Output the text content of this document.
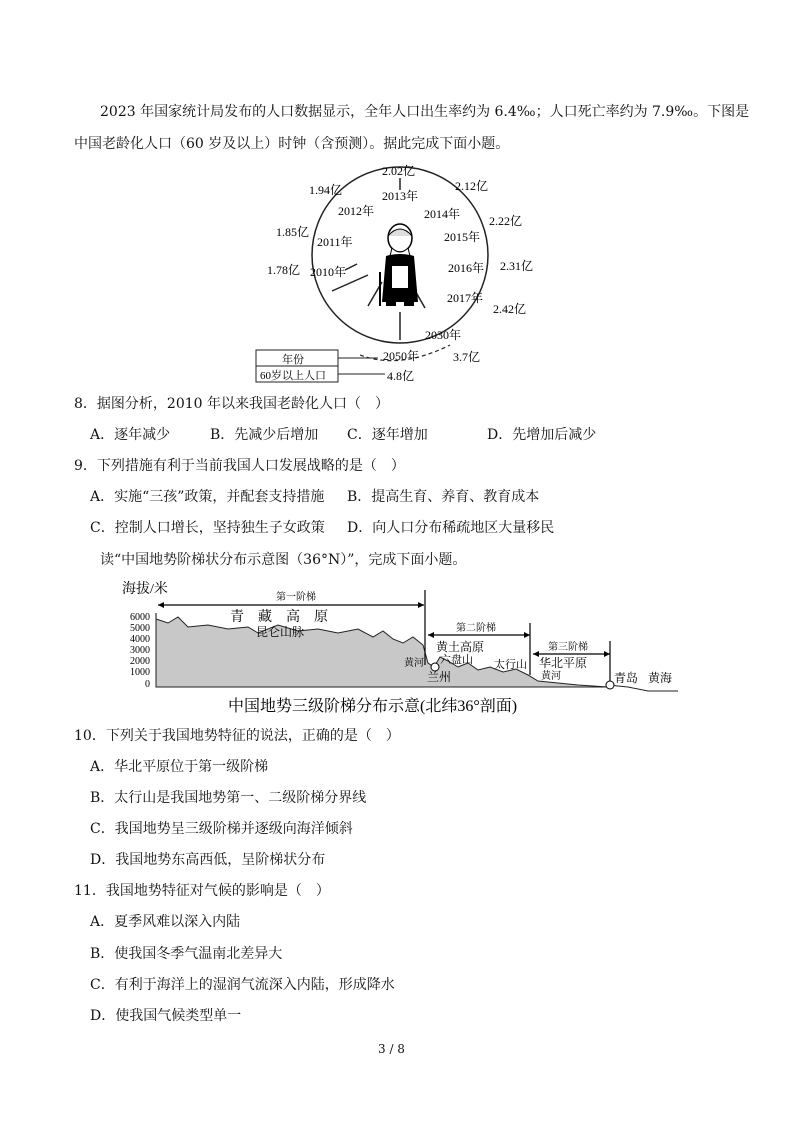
2023 年国家统计局发布的人口数据显示，全年人口出生率约为 6.4‰；人口死亡率约为 7.9‰。下图是
中国老龄化人口（60 岁及以上）时钟（含预测）。据此完成下面小题。
2010年
2011年
2012年
2013年
2014年
2015年
2016年
2017年
2030年
2050年
1.78亿
1.85亿
1.94亿
2.02亿
2.12亿
2.22亿
2.31亿
2.42亿
3.7亿
4.8亿
年份
60岁以上人口
8．据图分析，2010 年以来我国老龄化人口（　）
A．逐年减少	B．先减少后增加 C．逐年增加	D．先增加后减少
9．下列措施有利于当前我国人口发展战略的是（　）
A．实施“三孩”政策，并配套支持措施 B．提高生育、养育、教育成本
C．控制人口增长，坚持独生子女政策 D．向人口分布稀疏地区大量移民
读“中国地势阶梯状分布示意图（36°N）”，完成下面小题。
海拔/米
6000
5000
4000
3000
2000
1000
0
第一阶梯
第二阶梯
第三阶梯
青　藏　高　原
昆仑山脉
黄土高原
六盘山
黄河
兰州
太行山 华北平原
黄河	青岛 黄海
中国地势三级阶梯分布示意(北纬36°剖面)
10．下列关于我国地势特征的说法，正确的是（　）
A．华北平原位于第一级阶梯
B．太行山是我国地势第一、二级阶梯分界线
C．我国地势呈三级阶梯并逐级向海洋倾斜
D．我国地势东高西低，呈阶梯状分布
11．我国地势特征对气候的影响是（　）
A．夏季风难以深入内陆
B．使我国冬季气温南北差异大
C．有利于海洋上的湿润气流深入内陆，形成降水
D．使我国气候类型单一
3 / 8
